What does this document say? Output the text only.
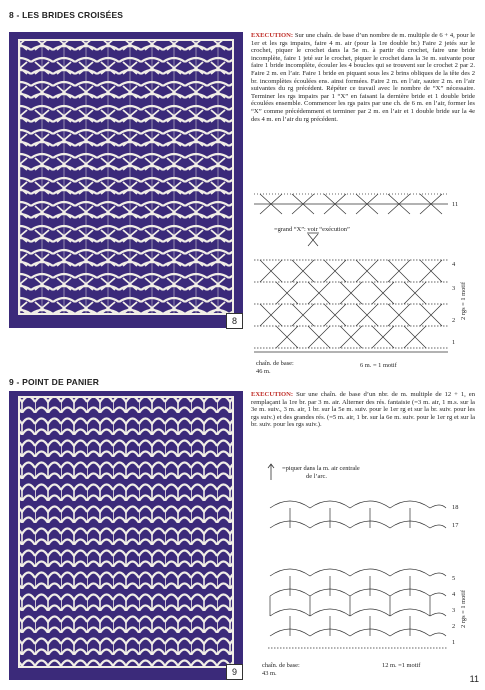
8 - LES BRIDES CROISÉES
8
EXECUTION: Sur une chaîn. de base d’un nombre de m. multiple de 6 + 4, pour le 1er et les rgs impairs, faire 4 m. air (pour la 1re double br.) Faire 2 jetés sur le crochet, piquer le crochet dans la 5e m. à partir du crochet, faire une bride incomplète, faire 1 jeté sur le crochet, piquer le crochet dans la 3e m. suivante pour faire 1 bride incomplète, écouler les 4 boucles qui se trouvent sur le crochet 2 par 2. Faire 2 m. en l’air. Faire 1 bride en piquant sous les 2 brins obliques de la tête des 2 br. incomplètes écoulées ens. ainsi formées. Faire 2 m. en l’air, sauter 2 m. en l’air suivantes du rg précédent. Répéter ce travail avec le nombre de “X” nécessaire. Terminer les rgs impairs par 1 “X” en faisant la dernière bride et 1 double bride écoulées ensemble. Commencer les rgs pairs par une ch. de 6 m. en l’air, former les “X” comme précédemment et terminer par 2 m. en l’air et 1 double bride sur la 4e des 4 m. en l’air du rg précédent.
=grand “X”: voir “exécution”
11
4
3
2
1
2 rgs = 1 motif
chaîn. de base:
46 m.
6 m. = 1 motif
9 - POINT DE PANIER
9
EXECUTION: Sur une chaîn. de base d’un nbr. de m. multiple de 12 + 1, en remplaçant la 1re br. par 3 m. air. Alterner des rés. fantaisie (=3 m. air, 1 m.s. sur la 3e m. suiv., 3 m. air, 1 br. sur la 5e m. suiv. pour le 1er rg et sur la br. suiv. pour les rgs suiv.) et des grandes rés. (=5 m. air, 1 br. sur la 6e m. suiv. pour le 1er rg et sur la br. suiv. pour les rgs suiv.).
=piquer dans la m. air centrale
de l’arc.
18
17
5
4
3
2
1
2 rgs = 1 motif
chaîn. de base:
43 m.
12 m. =1 motif
11
